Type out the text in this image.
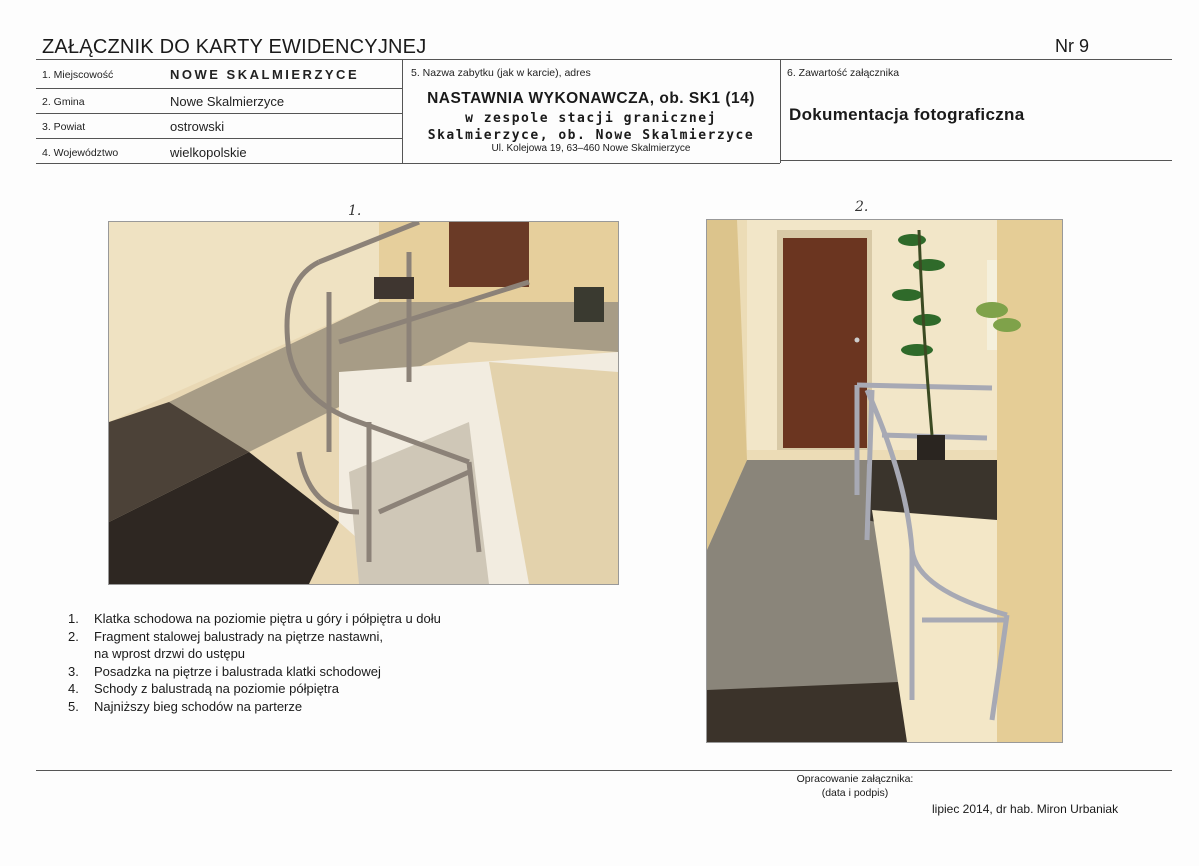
ZAŁĄCZNIK DO KARTY EWIDENCYJNEJ	Nr 9
1. Miejscowość	NOWE SKALMIERZYCE
2. Gmina	Nowe Skalmierzyce
3. Powiat	ostrowski
4. Województwo	wielkopolskie
5. Nazwa zabytku (jak w karcie), adres
NASTAWNIA WYKONAWCZA, ob. SK1 (14)
w zespole stacji granicznej
Skalmierzyce, ob. Nowe Skalmierzyce
Ul. Kolejowa 19, 63–460 Nowe Skalmierzyce
6. Zawartość załącznika
Dokumentacja fotograficzna
1.	2.
1. Klatka schodowa na poziomie piętra u góry i półpiętra u dołu
2. Fragment stalowej balustrady na piętrze nastawni,
na wprost drzwi do ustępu
3. Posadzka na piętrze i balustrada klatki schodowej
4. Schody z balustradą na poziomie półpiętra
5. Najniższy bieg schodów na parterze
Opracowanie załącznika:
(data i podpis)
lipiec 2014, dr hab. Miron Urbaniak
